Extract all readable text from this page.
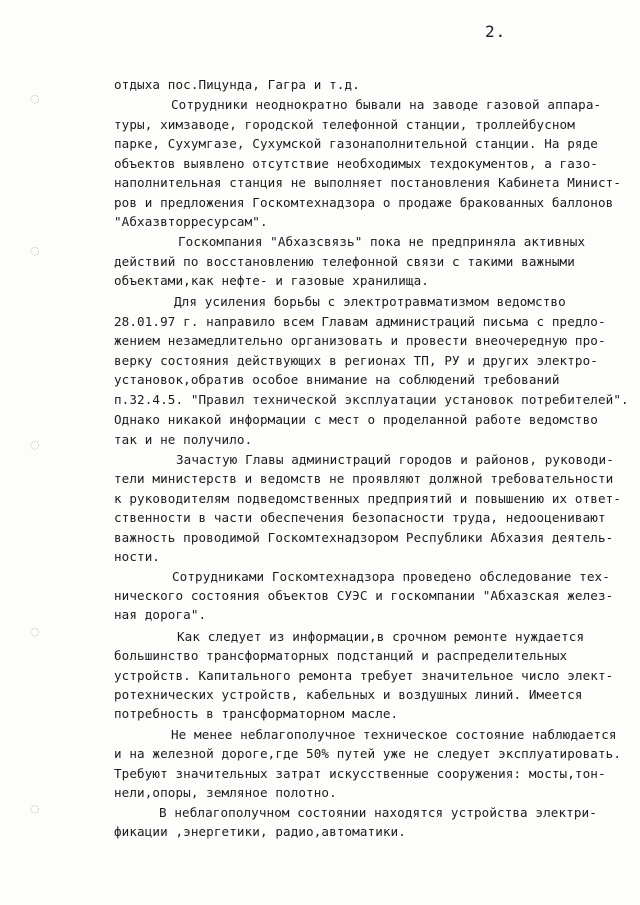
2.
◌
◌
◌
◌
◌
отдыха пос.Пицунда, Гагра и т.д.
Сотрудники неоднократно бывали на заводе газовой аппара-
туры, химзаводе, городской телефонной станции, троллейбусном
парке, Сухумгазе, Сухумской газонаполнительной станции. На ряде
объектов выявлено отсутствие необходимых техдокументов, а газо-
наполнительная станция не выполняет постановления Кабинета Минист-
ров и предложения Госкомтехнадзора о продаже бракованных баллонов
"Абхазвторресурсам".
Госкомпания "Абхазсвязь" пока не предприняла активных
действий по восстановлению телефонной связи с такими важными
объектами,как нефте- и газовые хранилища.
Для усиления борьбы с электротравматизмом ведомство
28.01.97 г. направило всем Главам администраций письма с предло-
жением незамедлительно организовать и провести внеочередную про-
верку состояния действующих в регионах ТП, РУ и других электро-
установок,обратив особое внимание на соблюдений требований
п.32.4.5. "Правил технической эксплуатации установок потребителей".
Однако никакой информации с мест о проделанной работе ведомство
так и не получило.
Зачастую Главы администраций городов и районов, руководи-
тели министерств и ведомств не проявляют должной требовательности
к руководителям подведомственных предприятий и повышению их ответ-
ственности в части обеспечения безопасности труда, недооценивают
важность проводимой Госкомтехнадзором Республики Абхазия деятель-
ности.
Сотрудниками Госкомтехнадзора проведено обследование тех-
нического состояния объектов СУЭС и госкомпании "Абхазская желез-
ная дорога".
Как следует из информации,в срочном ремонте нуждается
большинство трансформаторных подстанций и распределительных
устройств. Капитального ремонта требует значительное число элект-
ротехнических устройств, кабельных и воздушных линий. Имеется
потребность в трансформаторном масле.
Не менее неблагополучное техническое состояние наблюдается
и на железной дороге,где 50% путей уже не следует эксплуатировать.
Требуют значительных затрат искусственные сооружения: мосты,тон-
нели,опоры, земляное полотно.
В неблагополучном состоянии находятся устройства электри-
фикации ,энергетики, радио,автоматики.
